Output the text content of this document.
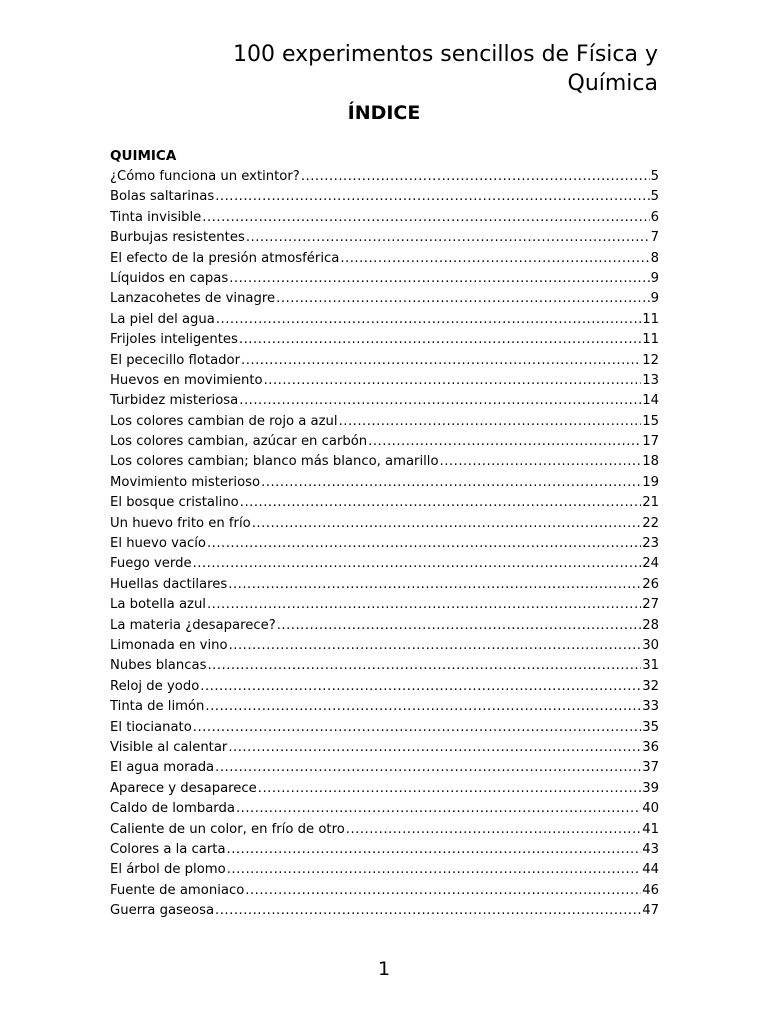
100 experimentos sencillos de Física y Química
ÍNDICE
QUIMICA
¿Cómo funciona un extintor? .....	5
Bolas saltarinas .....	5
Tinta invisible .....	6
Burbujas resistentes .....	7
El efecto de la presión atmosférica .....	8
Líquidos en capas .....	9
Lanzacohetes de vinagre .....	9
La piel del agua .....	11
Frijoles inteligentes .....	11
El pececillo flotador .....	12
Huevos en movimiento .....	13
Turbidez misteriosa .....	14
Los colores cambian de rojo a azul .....	15
Los colores cambian, azúcar en carbón .....	17
Los colores cambian; blanco más blanco, amarillo .....	18
Movimiento misterioso .....	19
El bosque cristalino .....	21
Un huevo frito en frío .....	22
El huevo vacío .....	23
Fuego verde .....	24
Huellas dactilares .....	26
La botella azul .....	27
La materia ¿desaparece? .....	28
Limonada en vino .....	30
Nubes blancas .....	31
Reloj de yodo .....	32
Tinta de limón .....	33
El tiocianato .....	35
Visible al calentar .....	36
El agua morada .....	37
Aparece y desaparece .....	39
Caldo de lombarda .....	40
Caliente de un color, en frío de otro .....	41
Colores a la carta .....	43
El árbol de plomo .....	44
Fuente de amoniaco .....	46
Guerra gaseosa .....	47
1
